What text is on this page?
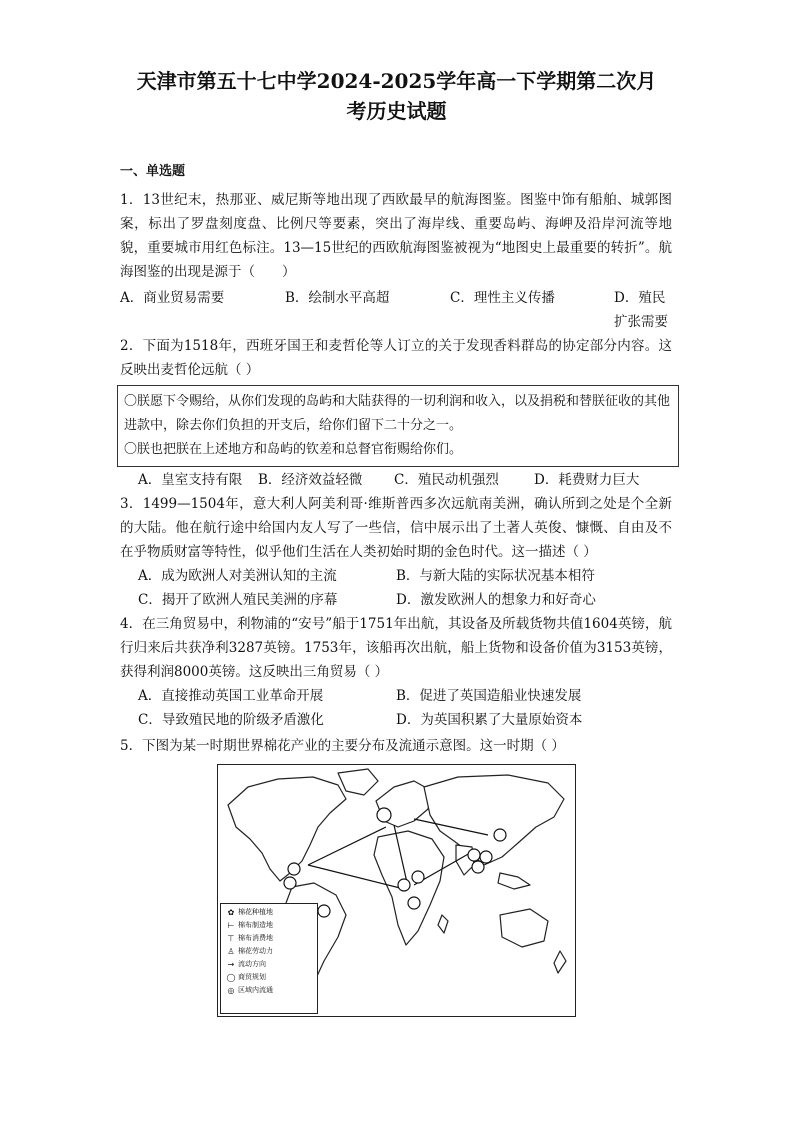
天津市第五十七中学2024-2025学年高一下学期第二次月
考历史试题
一、单选题
1．13世纪末，热那亚、威尼斯等地出现了西欧最早的航海图鉴。图鉴中饰有船舶、城郭图案，标出了罗盘刻度盘、比例尺等要素，突出了海岸线、重要岛屿、海岬及沿岸河流等地貌，重要城市用红色标注。13—15世纪的西欧航海图鉴被视为“地图史上最重要的转折”。航海图鉴的出现是源于（　　）
A．商业贸易需要	B．绘制水平高超	C．理性主义传播	D．殖民扩张需要
2．下面为1518年，西班牙国王和麦哲伦等人订立的关于发现香料群岛的协定部分内容。这反映出麦哲伦远航（ ）
〇朕愿下令赐给，从你们发现的岛屿和大陆获得的一切利润和收入，以及捐税和替朕征收的其他进款中，除去你们负担的开支后，给你们留下二十分之一。
〇朕也把朕在上述地方和岛屿的钦差和总督官衔赐给你们。
A．皇室支持有限 B．经济效益轻微 C．殖民动机强烈	D．耗费财力巨大
3．1499—1504年，意大利人阿美利哥·维斯普西多次远航南美洲，确认所到之处是个全新的大陆。他在航行途中给国内友人写了一些信，信中展示出了土著人英俊、慷慨、自由及不在乎物质财富等特性，似乎他们生活在人类初始时期的金色时代。这一描述（ ）
A．成为欧洲人对美洲认知的主流	B．与新大陆的实际状况基本相符
C．揭开了欧洲人殖民美洲的序幕	D．激发欧洲人的想象力和好奇心
4．在三角贸易中，利物浦的“安号”船于1751年出航，其设备及所载货物共值1604英镑，航行归来后共获净利3287英镑。1753年，该船再次出航，船上货物和设备价值为3153英镑，获得利润8000英镑。这反映出三角贸易（ ）
A．直接推动英国工业革命开展	B．促进了英国造船业快速发展
C．导致殖民地的阶级矛盾激化	D．为英国积累了大量原始资本
5．下图为某一时期世界棉花产业的主要分布及流通示意图。这一时期（ ）
✿ 棉花种植地
⊢ 棉布制造地
⊤ 棉布消费地
♙ 棉花劳动力
→ 流动方向
◯ 商贸规划
◎ 区域内流通
